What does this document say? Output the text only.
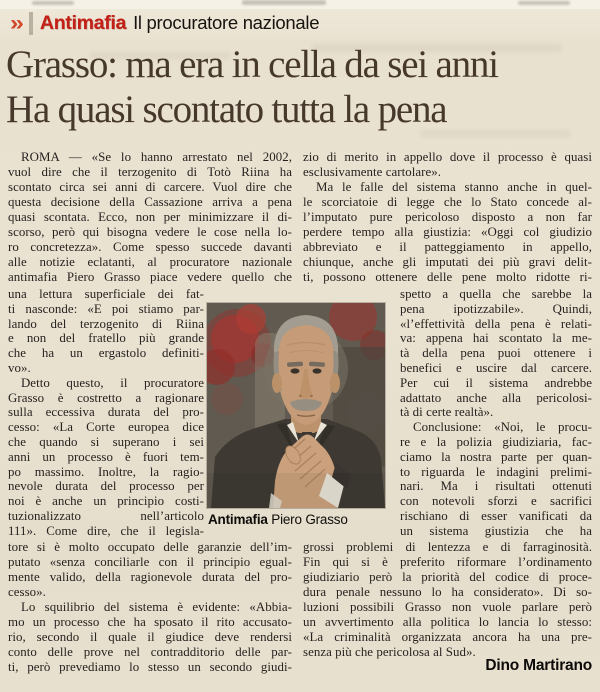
» Antimafia Il procuratore nazionale
Grasso: ma era in cella da sei anni
Ha quasi scontato tutta la pena
 ROMA — «Se lo hanno arrestato nel 2002,
vuol dire che il terzogenito di Totò Riina ha
scontato circa sei anni di carcere. Vuol dire che
questa decisione della Cassazione arriva a pena
quasi scontata. Ecco, non per minimizzare il di-
scorso, però qui bisogna vedere le cose nella lo-
ro concretezza». Come spesso succede davanti
alle notizie eclatanti, al procuratore nazionale
antimafia Piero Grasso piace vedere quello che
una lettura superficiale dei fat-
ti nasconde: «E poi stiamo par-
lando del terzogenito di Riina
e non del fratello più grande
che ha un ergastolo definiti-
vo».
 Detto questo, il procuratore
Grasso è costretto a ragionare
sulla eccessiva durata del pro-
cesso: «La Corte europea dice
che quando si superano i sei
anni un processo è fuori tem-
po massimo. Inoltre, la ragio-
nevole durata del processo per
noi è anche un principio costi-
tuzionalizzato nell’articolo
111». Come dire, che il legisla-
tore si è molto occupato delle garanzie dell’im-
putato «senza conciliarle con il principio egual-
mente valido, della ragionevole durata del pro-
cesso».
 Lo squilibrio del sistema è evidente: «Abbia-
mo un processo che ha sposato il rito accusato-
rio, secondo il quale il giudice deve rendersi
conto delle prove nel contradditorio delle par-
ti, però prevediamo lo stesso un secondo giudi-
zio di merito in appello dove il processo è quasi
esclusivamente cartolare».
 Ma le falle del sistema stanno anche in quel-
le scorciatoie di legge che lo Stato concede al-
l’imputato pure pericoloso disposto a non far
perdere tempo alla giustizia: «Oggi col giudizio
abbreviato e il patteggiamento in appello,
chiunque, anche gli imputati dei più gravi delit-
ti, possono ottenere delle pene molto ridotte ri-
spetto a quella che sarebbe la
pena ipotizzabile». Quindi,
«l’effettività della pena è relati-
va: appena hai scontato la me-
tà della pena puoi ottenere i
benefici e uscire dal carcere.
Per cui il sistema andrebbe
adattato anche alla pericolosi-
tà di certe realtà».
 Conclusione: «Noi, le procu-
re e la polizia giudiziaria, fac-
ciamo la nostra parte per quan-
to riguarda le indagini prelimi-
nari. Ma i risultati ottenuti
con notevoli sforzi e sacrifici
rischiano di esser vanificati da
un sistema giustizia che ha
grossi problemi di lentezza e di farraginosità.
Fin qui si è preferito riformare l’ordinamento
giudiziario però la priorità del codice di proce-
dura penale nessuno lo ha considerato». Di so-
luzioni possibili Grasso non vuole parlare però
un avvertimento alla politica lo lancia lo stesso:
«La criminalità organizzata ancora ha una pre-
senza più che pericolosa al Sud».
Antimafia Piero Grasso
Dino Martirano
